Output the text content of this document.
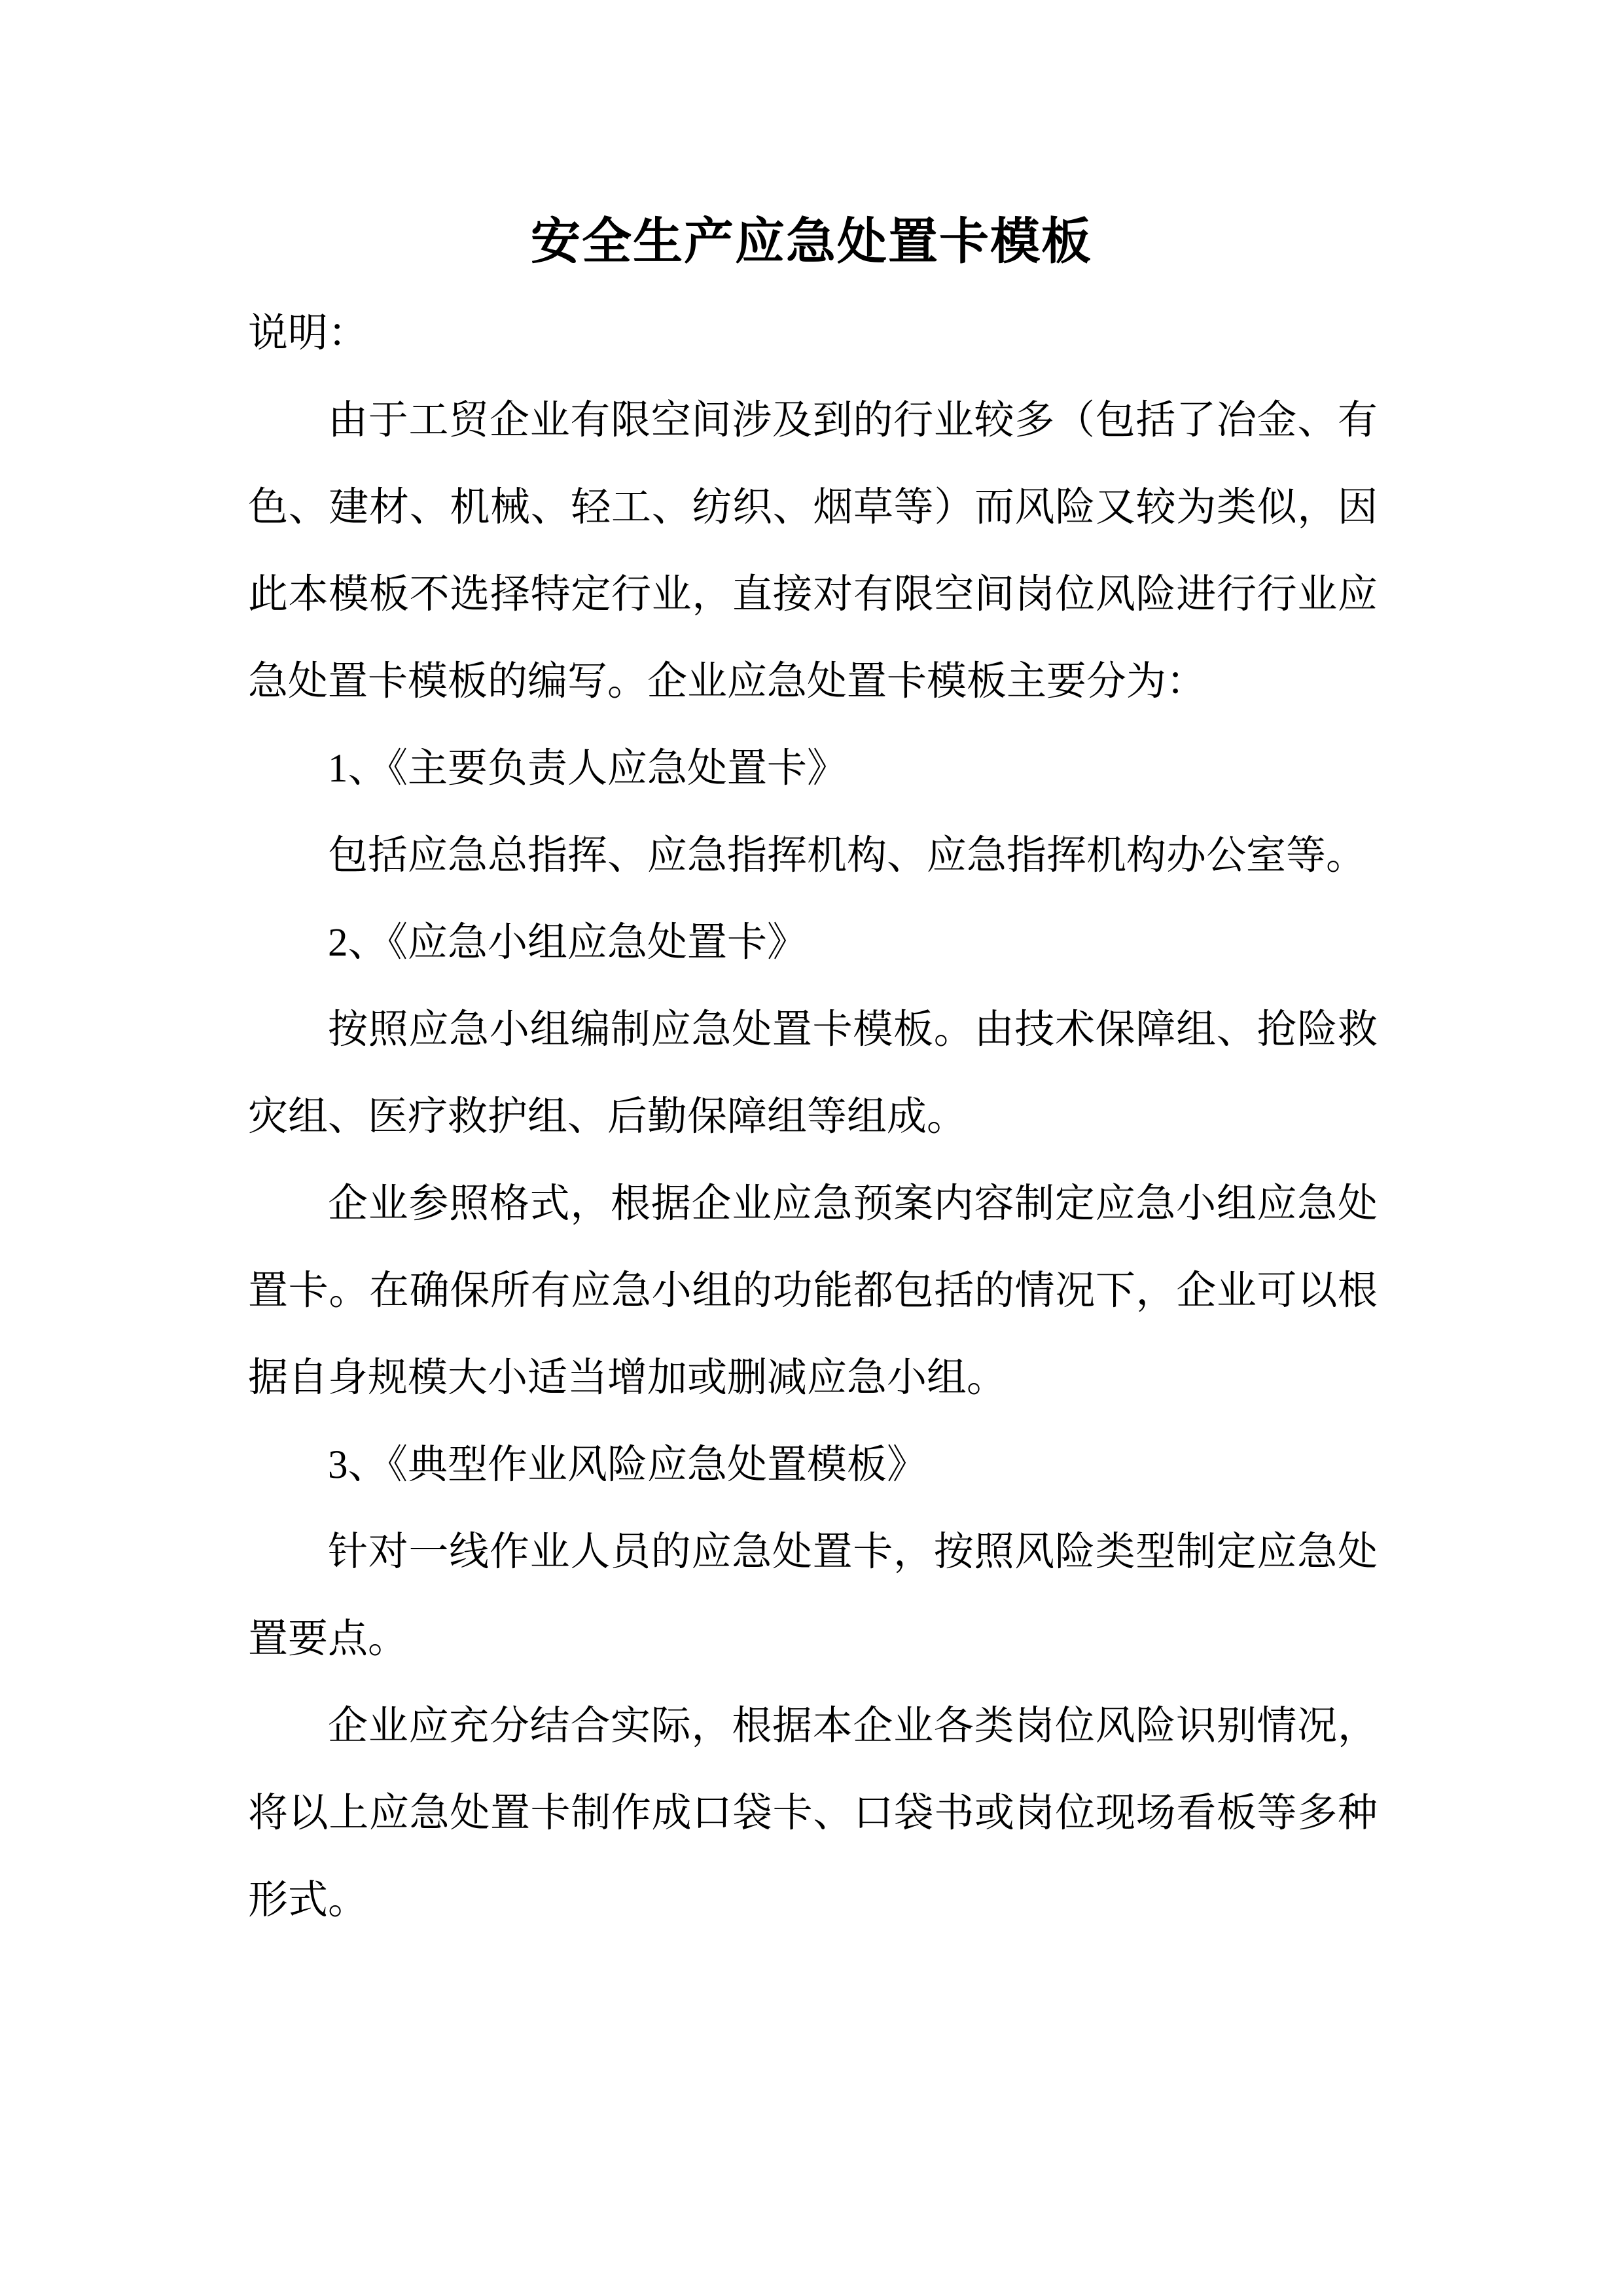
安全生产应急处置卡模板

说明：

由于工贸企业有限空间涉及到的行业较多（包括了冶金、有色、建材、机械、轻工、纺织、烟草等）而风险又较为类似，因此本模板不选择特定行业，直接对有限空间岗位风险进行行业应急处置卡模板的编写。企业应急处置卡模板主要分为：

1、《主要负责人应急处置卡》

包括应急总指挥、应急指挥机构、应急指挥机构办公室等。

2、《应急小组应急处置卡》

按照应急小组编制应急处置卡模板。由技术保障组、抢险救灾组、医疗救护组、后勤保障组等组成。

企业参照格式，根据企业应急预案内容制定应急小组应急处置卡。在确保所有应急小组的功能都包括的情况下，企业可以根据自身规模大小适当增加或删减应急小组。

3、《典型作业风险应急处置模板》

针对一线作业人员的应急处置卡，按照风险类型制定应急处置要点。

企业应充分结合实际，根据本企业各类岗位风险识别情况，将以上应急处置卡制作成口袋卡、口袋书或岗位现场看板等多种形式。
